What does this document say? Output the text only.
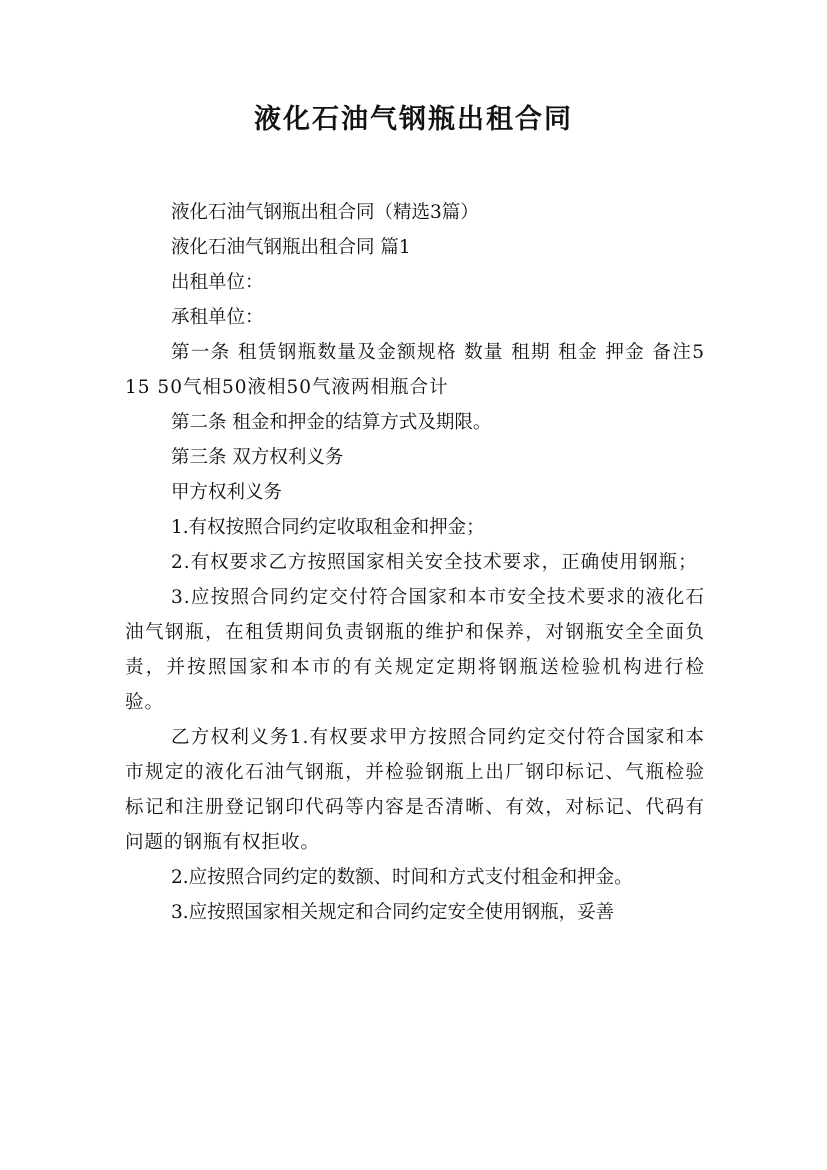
液化石油气钢瓶出租合同

液化石油气钢瓶出租合同（精选3篇）

液化石油气钢瓶出租合同 篇1

出租单位：

承租单位：

第一条 租赁钢瓶数量及金额规格 数量 租期 租金 押金 备注5 15 50气相50液相50气液两相瓶合计

第二条 租金和押金的结算方式及期限。

第三条 双方权利义务

甲方权利义务

1.有权按照合同约定收取租金和押金；

2.有权要求乙方按照国家相关安全技术要求，正确使用钢瓶；

3.应按照合同约定交付符合国家和本市安全技术要求的液化石油气钢瓶，在租赁期间负责钢瓶的维护和保养，对钢瓶安全全面负责，并按照国家和本市的有关规定定期将钢瓶送检验机构进行检验。

乙方权利义务1.有权要求甲方按照合同约定交付符合国家和本市规定的液化石油气钢瓶，并检验钢瓶上出厂钢印标记、气瓶检验标记和注册登记钢印代码等内容是否清晰、有效，对标记、代码有问题的钢瓶有权拒收。

2.应按照合同约定的数额、时间和方式支付租金和押金。

3.应按照国家相关规定和合同约定安全使用钢瓶，妥善
